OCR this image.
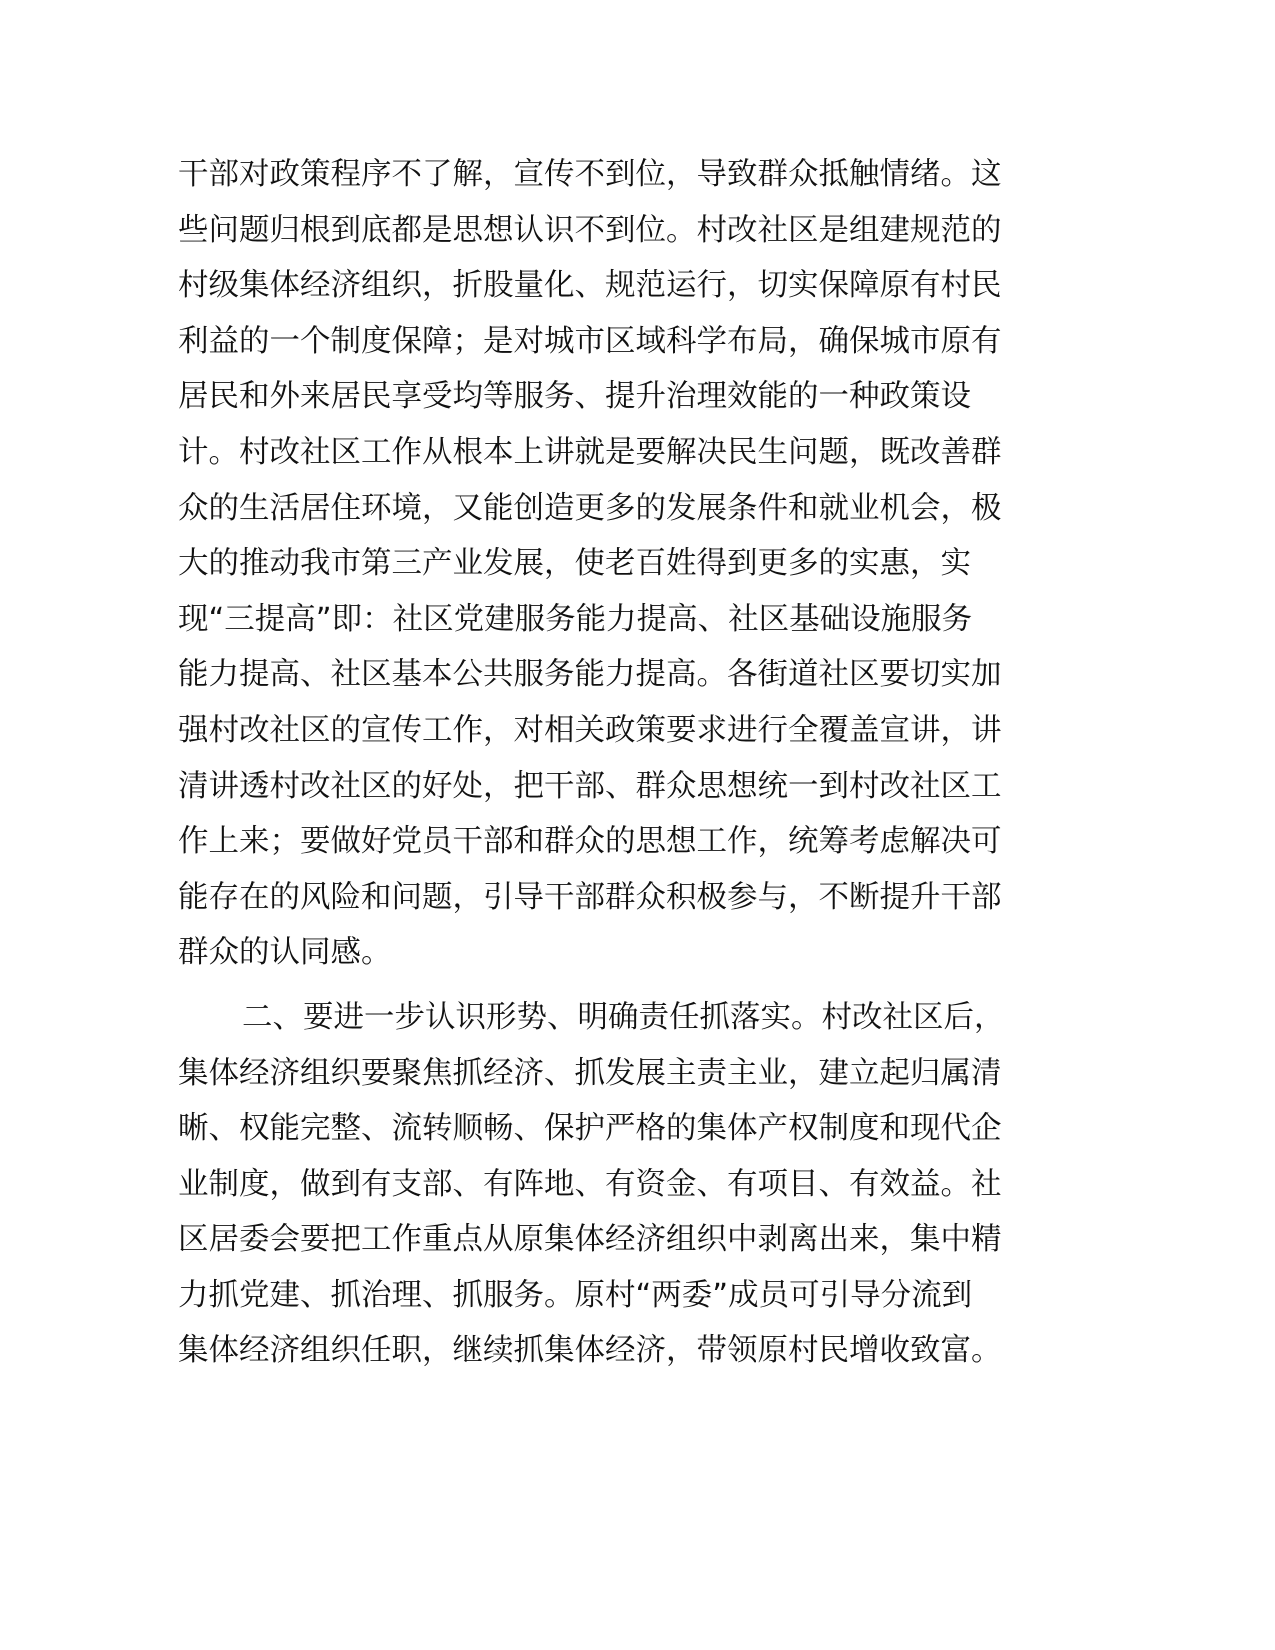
干部对政策程序不了解，宣传不到位，导致群众抵触情绪。这
些问题归根到底都是思想认识不到位。村改社区是组建规范的
村级集体经济组织，折股量化、规范运行，切实保障原有村民
利益的一个制度保障；是对城市区域科学布局，确保城市原有
居民和外来居民享受均等服务、提升治理效能的一种政策设
计。村改社区工作从根本上讲就是要解决民生问题，既改善群
众的生活居住环境，又能创造更多的发展条件和就业机会，极
大的推动我市第三产业发展，使老百姓得到更多的实惠，实
现“三提高”即：社区党建服务能力提高、社区基础设施服务
能力提高、社区基本公共服务能力提高。各街道社区要切实加
强村改社区的宣传工作，对相关政策要求进行全覆盖宣讲，讲
清讲透村改社区的好处，把干部、群众思想统一到村改社区工
作上来；要做好党员干部和群众的思想工作，统筹考虑解决可
能存在的风险和问题，引导干部群众积极参与，不断提升干部
群众的认同感。
二、要进一步认识形势、明确责任抓落实。村改社区后，
集体经济组织要聚焦抓经济、抓发展主责主业，建立起归属清
晰、权能完整、流转顺畅、保护严格的集体产权制度和现代企
业制度，做到有支部、有阵地、有资金、有项目、有效益。社
区居委会要把工作重点从原集体经济组织中剥离出来，集中精
力抓党建、抓治理、抓服务。原村“两委”成员可引导分流到
集体经济组织任职，继续抓集体经济，带领原村民增收致富。
